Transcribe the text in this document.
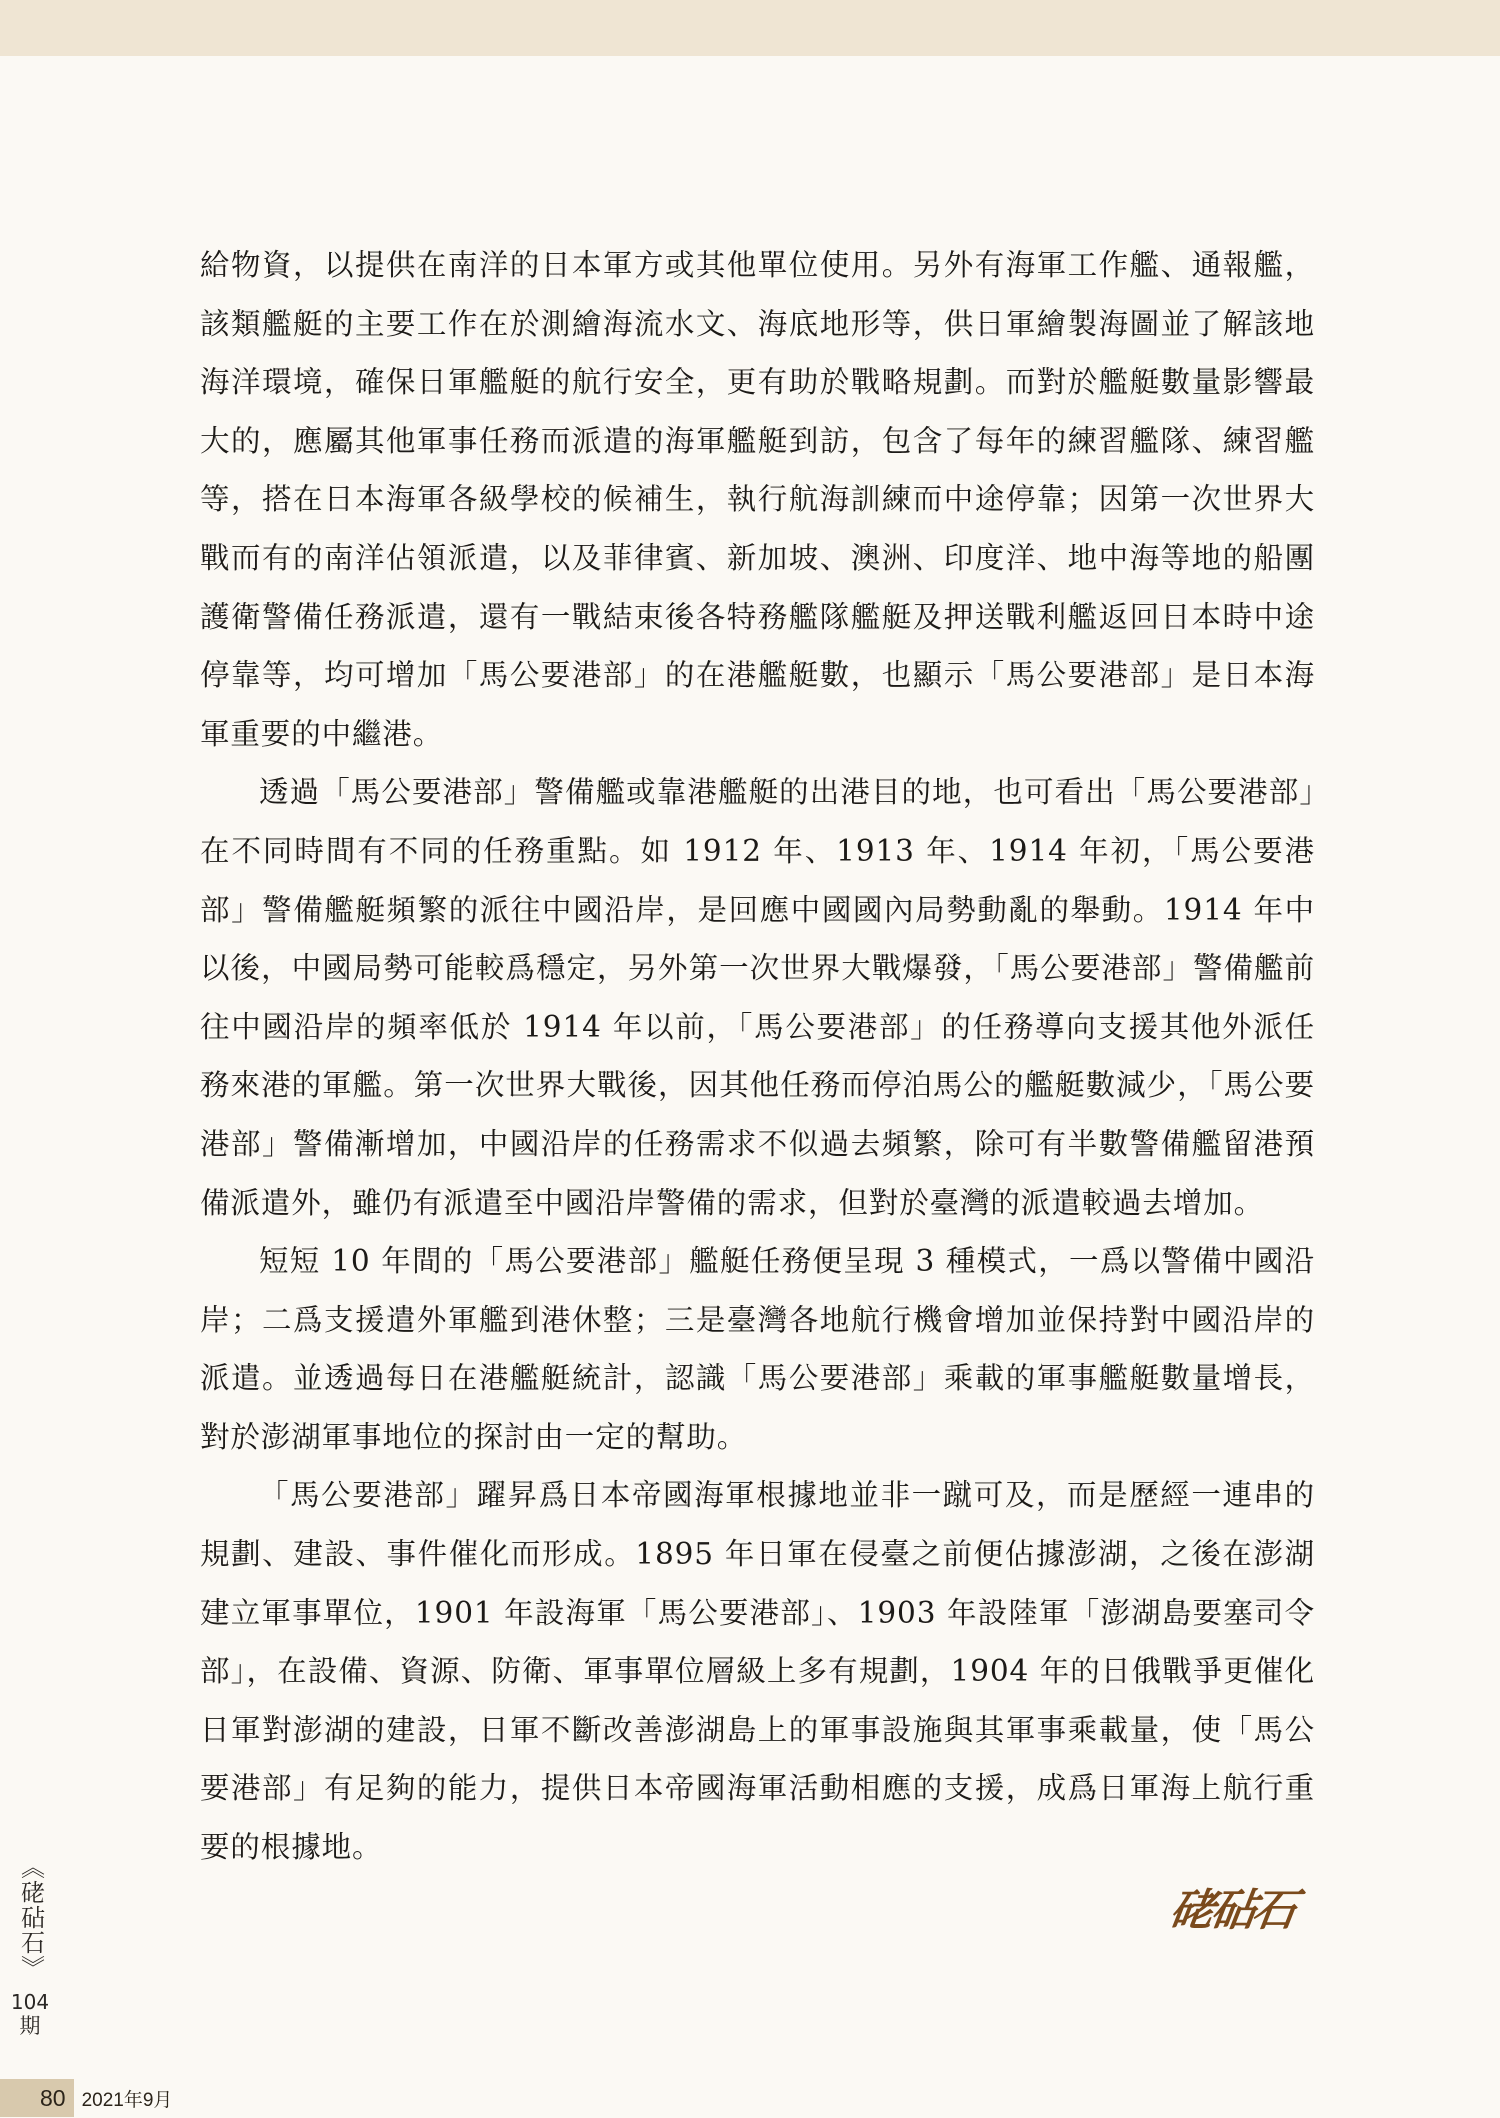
給物資，以提供在南洋的日本軍方或其他單位使用。另外有海軍工作艦、通報艦，該類艦艇的主要工作在於測繪海流水文、海底地形等，供日軍繪製海圖並了解該地海洋環境，確保日軍艦艇的航行安全，更有助於戰略規劃。而對於艦艇數量影響最大的，應屬其他軍事任務而派遣的海軍艦艇到訪，包含了每年的練習艦隊、練習艦等，搭在日本海軍各級學校的候補生，執行航海訓練而中途停靠；因第一次世界大戰而有的南洋佔領派遣，以及菲律賓、新加坡、澳洲、印度洋、地中海等地的船團護衛警備任務派遣，還有一戰結束後各特務艦隊艦艇及押送戰利艦返回日本時中途停靠等，均可增加「馬公要港部」的在港艦艇數，也顯示「馬公要港部」是日本海軍重要的中繼港。

透過「馬公要港部」警備艦或靠港艦艇的出港目的地，也可看出「馬公要港部」在不同時間有不同的任務重點。如 1912 年、1913 年、1914 年初，「馬公要港部」警備艦艇頻繁的派往中國沿岸，是回應中國國內局勢動亂的舉動。1914 年中以後，中國局勢可能較爲穩定，另外第一次世界大戰爆發，「馬公要港部」警備艦前往中國沿岸的頻率低於 1914 年以前，「馬公要港部」的任務導向支援其他外派任務來港的軍艦。第一次世界大戰後，因其他任務而停泊馬公的艦艇數減少，「馬公要港部」警備漸增加，中國沿岸的任務需求不似過去頻繁，除可有半數警備艦留港預備派遣外，雖仍有派遣至中國沿岸警備的需求，但對於臺灣的派遣較過去增加。

短短 10 年間的「馬公要港部」艦艇任務便呈現 3 種模式，一爲以警備中國沿岸；二爲支援遣外軍艦到港休整；三是臺灣各地航行機會增加並保持對中國沿岸的派遣。並透過每日在港艦艇統計，認識「馬公要港部」乘載的軍事艦艇數量增長，對於澎湖軍事地位的探討由一定的幫助。

「馬公要港部」躍昇爲日本帝國海軍根據地並非一蹴可及，而是歷經一連串的規劃、建設、事件催化而形成。1895 年日軍在侵臺之前便佔據澎湖，之後在澎湖建立軍事單位，1901 年設海軍「馬公要港部」、1903 年設陸軍「澎湖島要塞司令部」，在設備、資源、防衛、軍事單位層級上多有規劃，1904 年的日俄戰爭更催化日軍對澎湖的建設，日軍不斷改善澎湖島上的軍事設施與其軍事乘載量，使「馬公要港部」有足夠的能力，提供日本帝國海軍活動相應的支援，成爲日軍海上航行重要的根據地。

硓砧石
《硓砧石》
104
期
80 2021年9月
